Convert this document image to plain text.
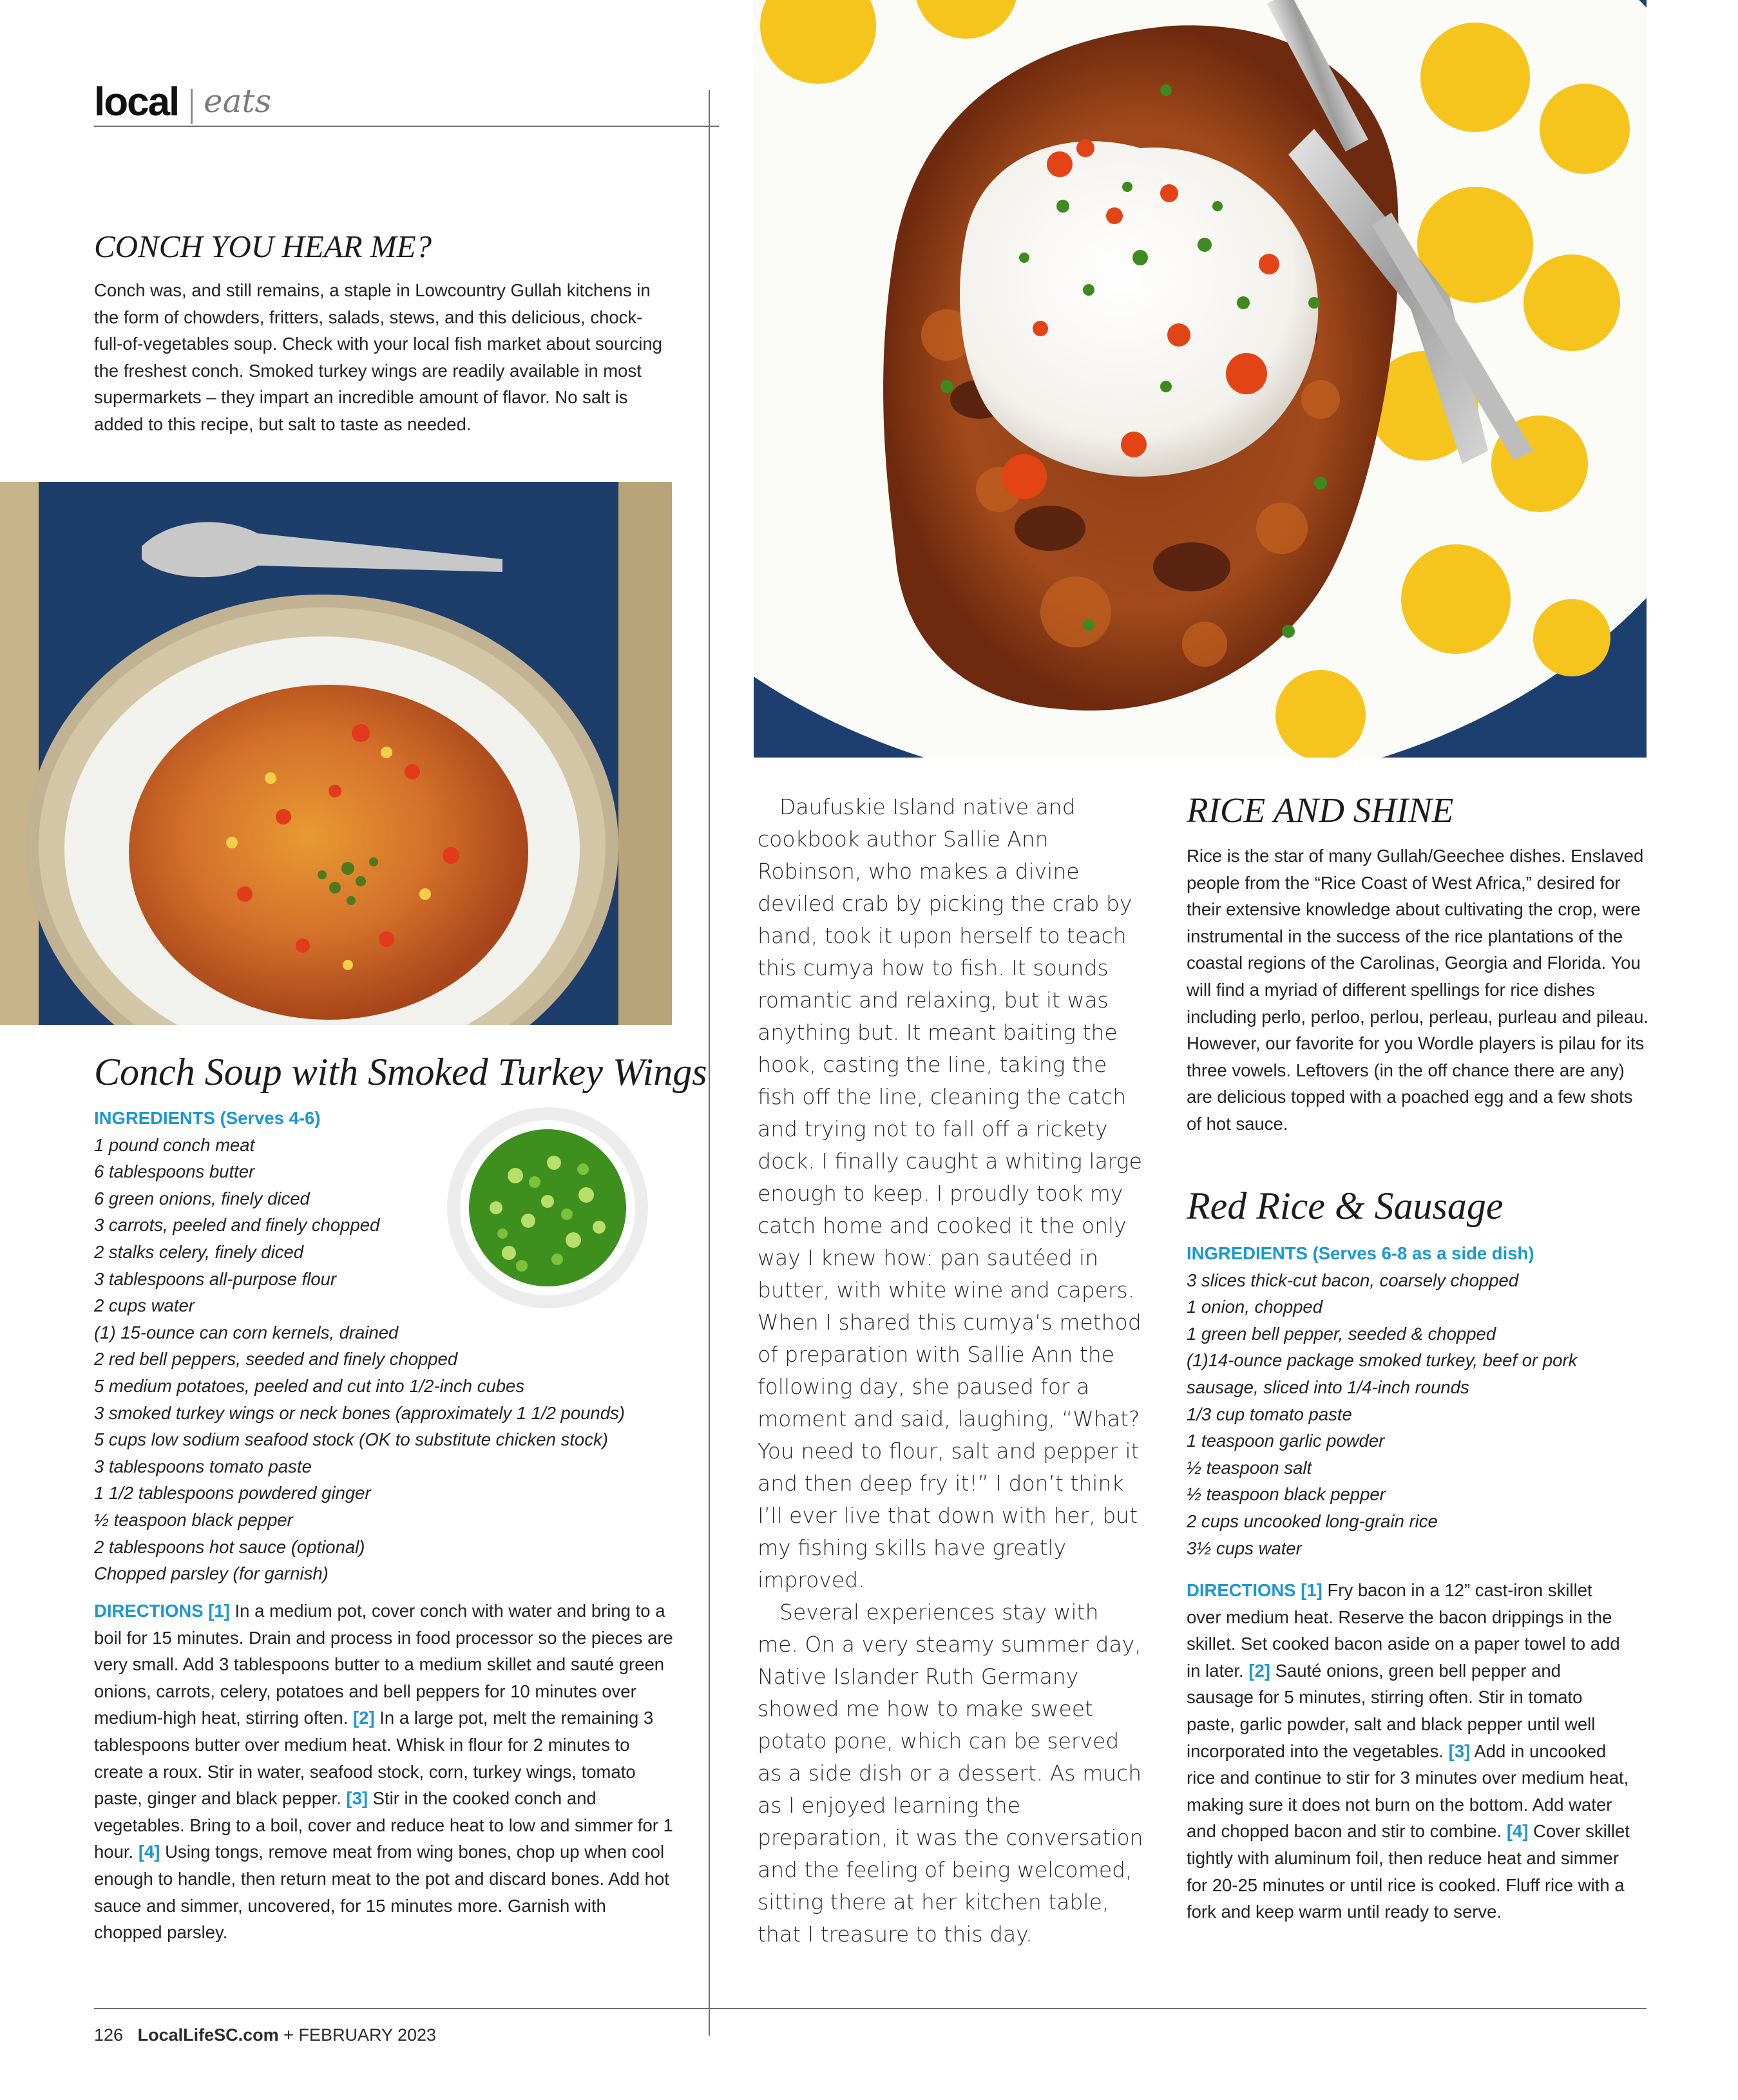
local eats
CONCH YOU HEAR ME?
Conch was, and still remains, a staple in Lowcountry Gullah kitchens in the form of chowders, fritters, salads, stews, and this delicious, chock-full-of-vegetables soup. Check with your local fish market about sourcing the freshest conch. Smoked turkey wings are readily available in most supermarkets – they impart an incredible amount of flavor. No salt is added to this recipe, but salt to taste as needed.
Conch Soup with Smoked Turkey Wings
INGREDIENTS (Serves 4-6)
1 pound conch meat
6 tablespoons butter
6 green onions, finely diced
3 carrots, peeled and finely chopped
2 stalks celery, finely diced
3 tablespoons all-purpose flour
2 cups water
(1) 15-ounce can corn kernels, drained
2 red bell peppers, seeded and finely chopped
5 medium potatoes, peeled and cut into 1/2-inch cubes
3 smoked turkey wings or neck bones (approximately 1 1/2 pounds)
5 cups low sodium seafood stock (OK to substitute chicken stock)
3 tablespoons tomato paste
1 1/2 tablespoons powdered ginger
½ teaspoon black pepper
2 tablespoons hot sauce (optional)
Chopped parsley (for garnish)
DIRECTIONS [1] In a medium pot, cover conch with water and bring to a boil for 15 minutes. Drain and process in food processor so the pieces are very small. Add 3 tablespoons butter to a medium skillet and sauté green onions, carrots, celery, potatoes and bell peppers for 10 minutes over medium-high heat, stirring often. [2] In a large pot, melt the remaining 3 tablespoons butter over medium heat. Whisk in flour for 2 minutes to create a roux. Stir in water, seafood stock, corn, turkey wings, tomato paste, ginger and black pepper. [3] Stir in the cooked conch and vegetables. Bring to a boil, cover and reduce heat to low and simmer for 1 hour. [4] Using tongs, remove meat from wing bones, chop up when cool enough to handle, then return meat to the pot and discard bones. Add hot sauce and simmer, uncovered, for 15 minutes more. Garnish with chopped parsley.

Daufuskie Island native and cookbook author Sallie Ann Robinson, who makes a divine deviled crab by picking the crab by hand, took it upon herself to teach this cumya how to fish. It sounds romantic and relaxing, but it was anything but. It meant baiting the hook, casting the line, taking the fish off the line, cleaning the catch and trying not to fall off a rickety dock. I finally caught a whiting large enough to keep. I proudly took my catch home and cooked it the only way I knew how: pan sautéed in butter, with white wine and capers. When I shared this cumya’s method of preparation with Sallie Ann the following day, she paused for a moment and said, laughing, “What? You need to flour, salt and pepper it and then deep fry it!” I don’t think I’ll ever live that down with her, but my fishing skills have greatly improved.

Several experiences stay with me. On a very steamy summer day, Native Islander Ruth Germany showed me how to make sweet potato pone, which can be served as a side dish or a dessert. As much as I enjoyed learning the preparation, it was the conversation and the feeling of being welcomed, sitting there at her kitchen table, that I treasure to this day.

RICE AND SHINE
Rice is the star of many Gullah/Geechee dishes. Enslaved people from the “Rice Coast of West Africa,” desired for their extensive knowledge about cultivating the crop, were instrumental in the success of the rice plantations of the coastal regions of the Carolinas, Georgia and Florida. You will find a myriad of different spellings for rice dishes including perlo, perloo, perlou, perleau, purleau and pileau. However, our favorite for you Wordle players is pilau for its three vowels. Leftovers (in the off chance there are any) are delicious topped with a poached egg and a few shots of hot sauce.
Red Rice & Sausage
INGREDIENTS (Serves 6-8 as a side dish)
3 slices thick-cut bacon, coarsely chopped
1 onion, chopped
1 green bell pepper, seeded & chopped
(1)14-ounce package smoked turkey, beef or pork
sausage, sliced into 1/4-inch rounds
1/3 cup tomato paste
1 teaspoon garlic powder
½ teaspoon salt
½ teaspoon black pepper
2 cups uncooked long-grain rice
3½ cups water
DIRECTIONS [1] Fry bacon in a 12” cast-iron skillet over medium heat. Reserve the bacon drippings in the skillet. Set cooked bacon aside on a paper towel to add in later. [2] Sauté onions, green bell pepper and sausage for 5 minutes, stirring often. Stir in tomato paste, garlic powder, salt and black pepper until well incorporated into the vegetables. [3] Add in uncooked rice and continue to stir for 3 minutes over medium heat, making sure it does not burn on the bottom. Add water and chopped bacon and stir to combine. [4] Cover skillet tightly with aluminum foil, then reduce heat and simmer for 20-25 minutes or until rice is cooked. Fluff rice with a fork and keep warm until ready to serve.
126 LocalLifeSC.com + FEBRUARY 2023
